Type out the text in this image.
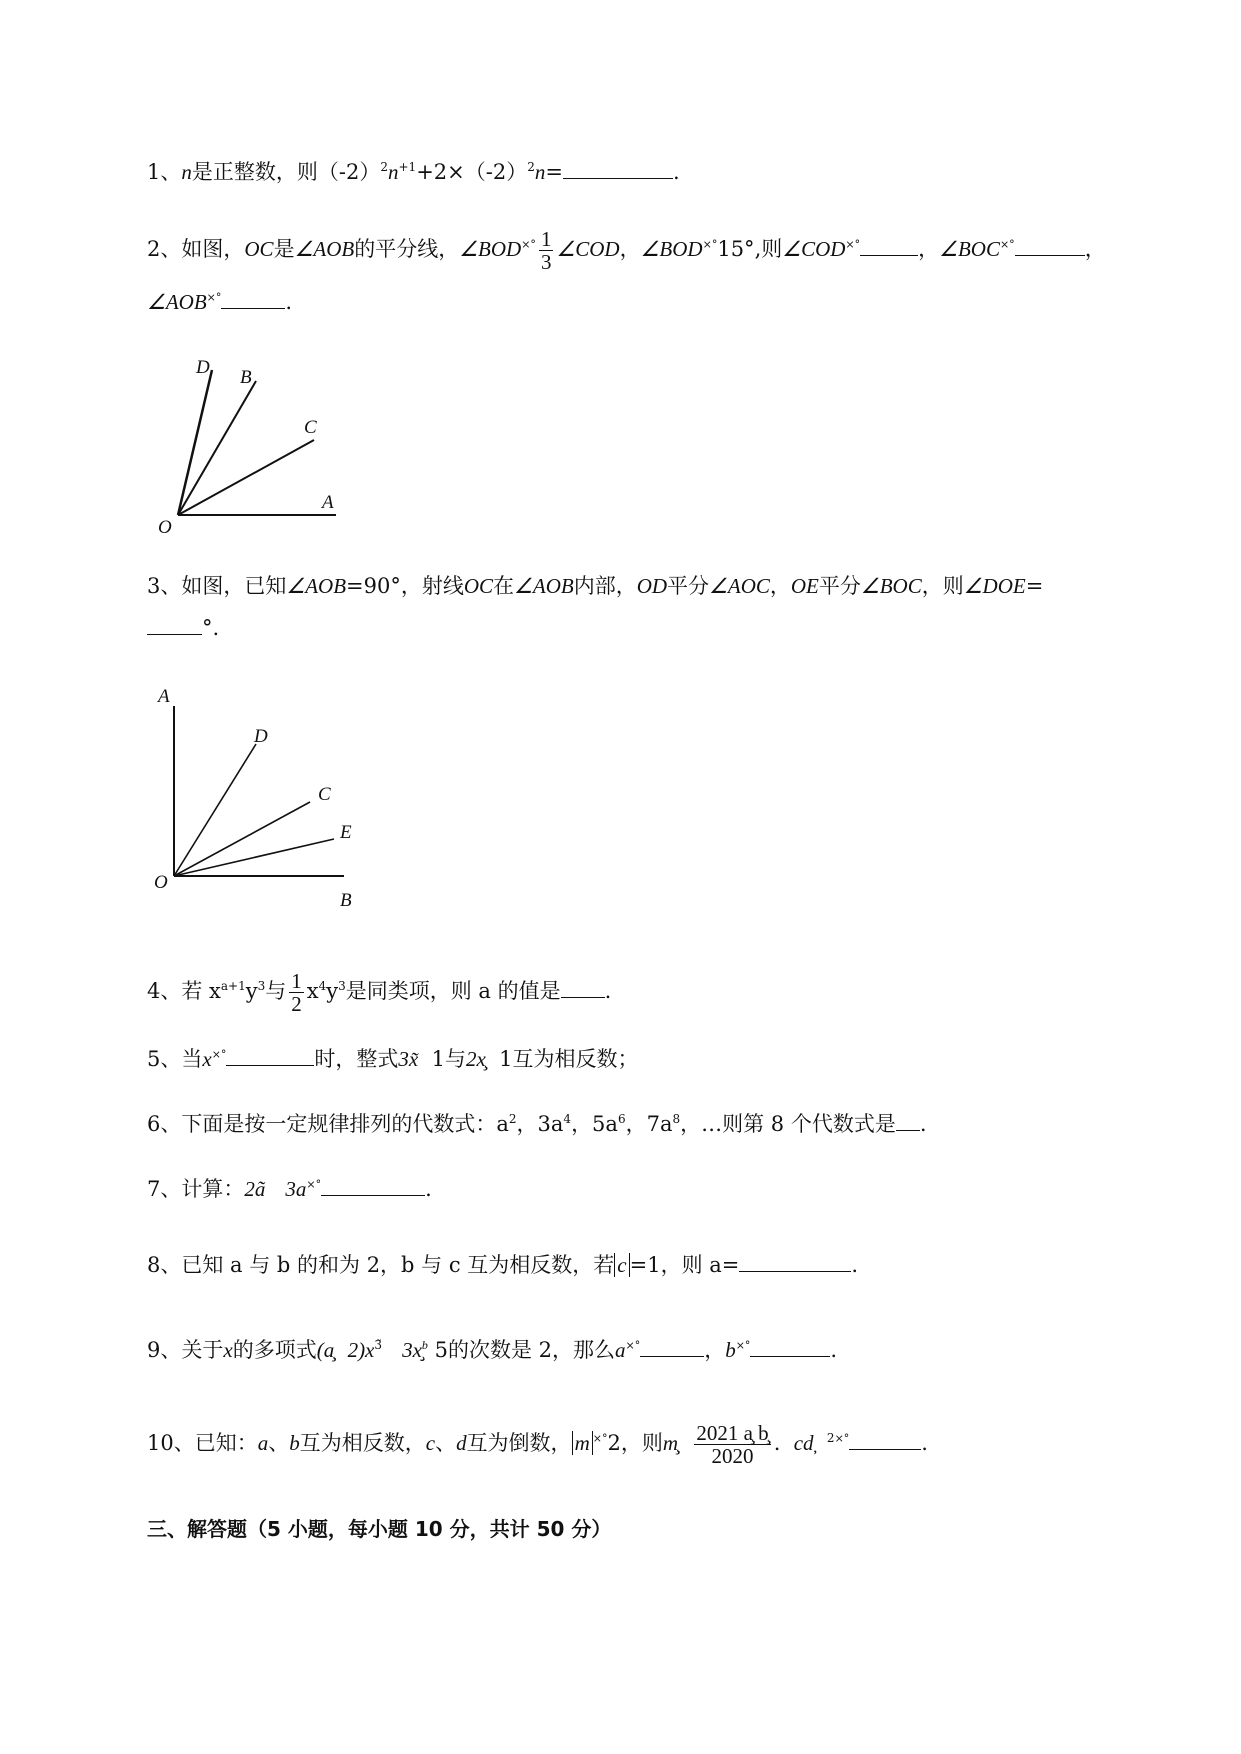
1、n是正整数，则$(-2)^2n^{+1}+2\times(-2)^2n=$	.
2、如图，OC是∠AOB的平分线，∠BOD×° $\frac{1}{3}$ ∠COD，∠BOD×°15°,则∠COD×°	，∠BOC×°	，
∠AOB×°	.
D B
C
A
O
3、如图，已知∠AOB=90°，射线OC在∠AOB内部，OD平分∠AOC，OE平分∠BOC，则∠DOE=
°.
A
D
C
E
O
B
4、若 $x^{a+1}y^3$与 $\frac{1}{2} x^4y^3$是同类项，则 a 的值是 .
5、当x×°	时，整式3x̃ 1与2x̧ 1互为相反数；
6、下面是按一定规律排列的代数式：$a^2$，$3a^4$，$5a^6$，$7a^8$，…则第 8 个代数式是 .
7、计算：2ã 3a×°	.
8、已知 a 与 b 的和为 2，b 与 c 互为相反数，若 c =1，则 a=	.
9、关于x的多项式(a̧ $2)x^{3̃}$ $3x^b$ 5的次数是 2，那么a×°	，b×°	.
10、已知：a、b互为相反数，c、d互为倒数， m ×°2，则m̧ $\frac{2021 a̧ b̧}{2020}$ . cd̦ $^{2\times^\circ}$	.
三、解答题（5 小题，每小题 10 分，共计 50 分）
